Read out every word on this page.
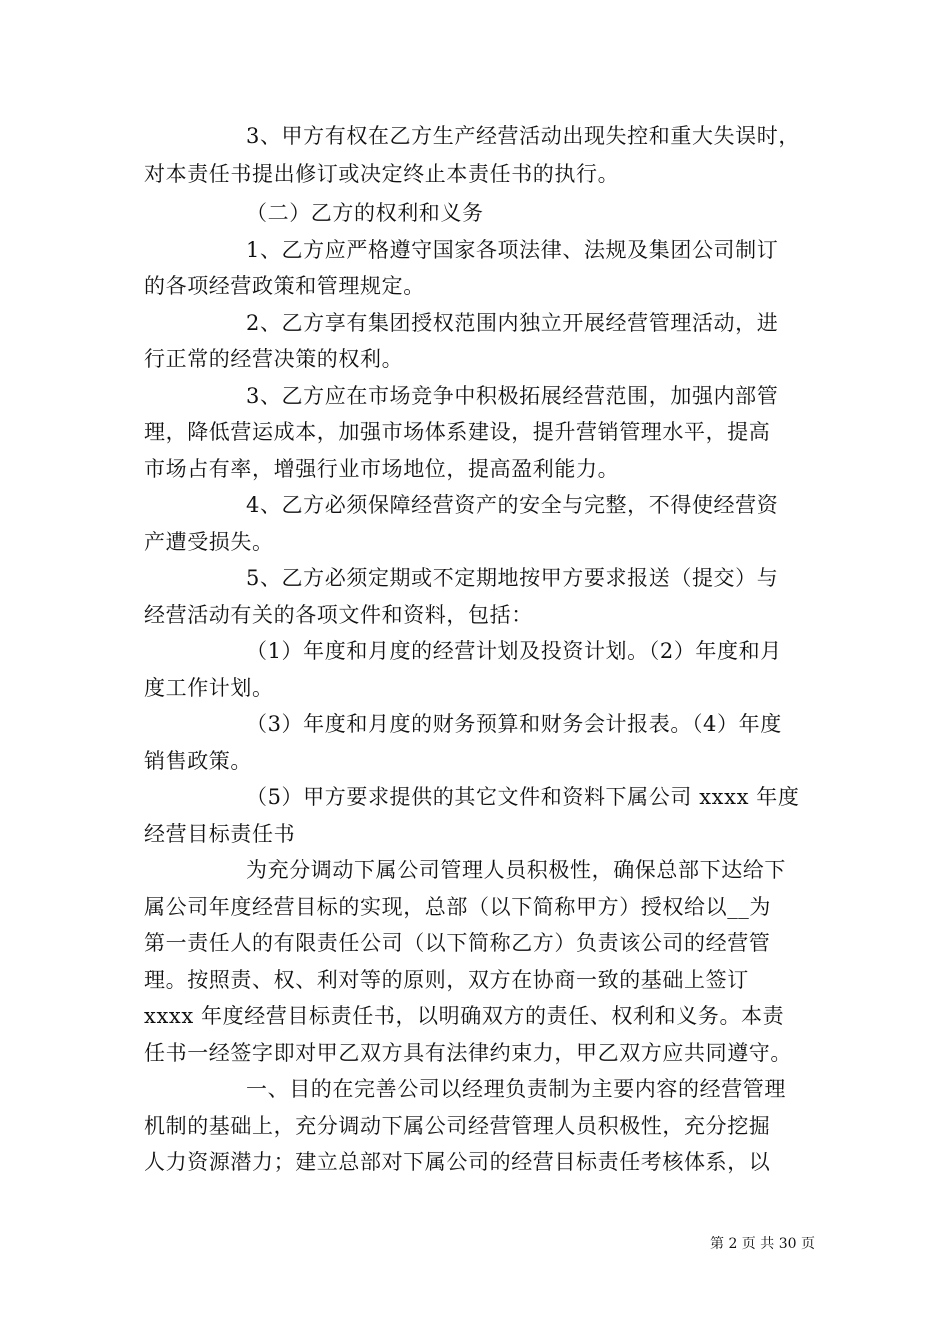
3、甲方有权在乙方生产经营活动出现失控和重大失误时，
对本责任书提出修订或决定终止本责任书的执行。
（二）乙方的权利和义务
1、乙方应严格遵守国家各项法律、法规及集团公司制订
的各项经营政策和管理规定。
2、乙方享有集团授权范围内独立开展经营管理活动，进
行正常的经营决策的权利。
3、乙方应在市场竞争中积极拓展经营范围，加强内部管
理，降低营运成本，加强市场体系建设，提升营销管理水平，提高
市场占有率，增强行业市场地位，提高盈利能力。
4、乙方必须保障经营资产的安全与完整，不得使经营资
产遭受损失。
5、乙方必须定期或不定期地按甲方要求报送（提交）与
经营活动有关的各项文件和资料，包括：
（1）年度和月度的经营计划及投资计划。（2）年度和月
度工作计划。
（3）年度和月度的财务预算和财务会计报表。（4）年度
销售政策。
（5）甲方要求提供的其它文件和资料下属公司 xxxx 年度
经营目标责任书
为充分调动下属公司管理人员积极性，确保总部下达给下
属公司年度经营目标的实现，总部（以下简称甲方）授权给以__为
第一责任人的有限责任公司（以下简称乙方）负责该公司的经营管
理。按照责、权、利对等的原则，双方在协商一致的基础上签订
xxxx 年度经营目标责任书，以明确双方的责任、权利和义务。本责
任书一经签字即对甲乙双方具有法律约束力，甲乙双方应共同遵守。
一、目的在完善公司以经理负责制为主要内容的经营管理
机制的基础上，充分调动下属公司经营管理人员积极性，充分挖掘
人力资源潜力；建立总部对下属公司的经营目标责任考核体系，以
第 2 页 共 30 页
